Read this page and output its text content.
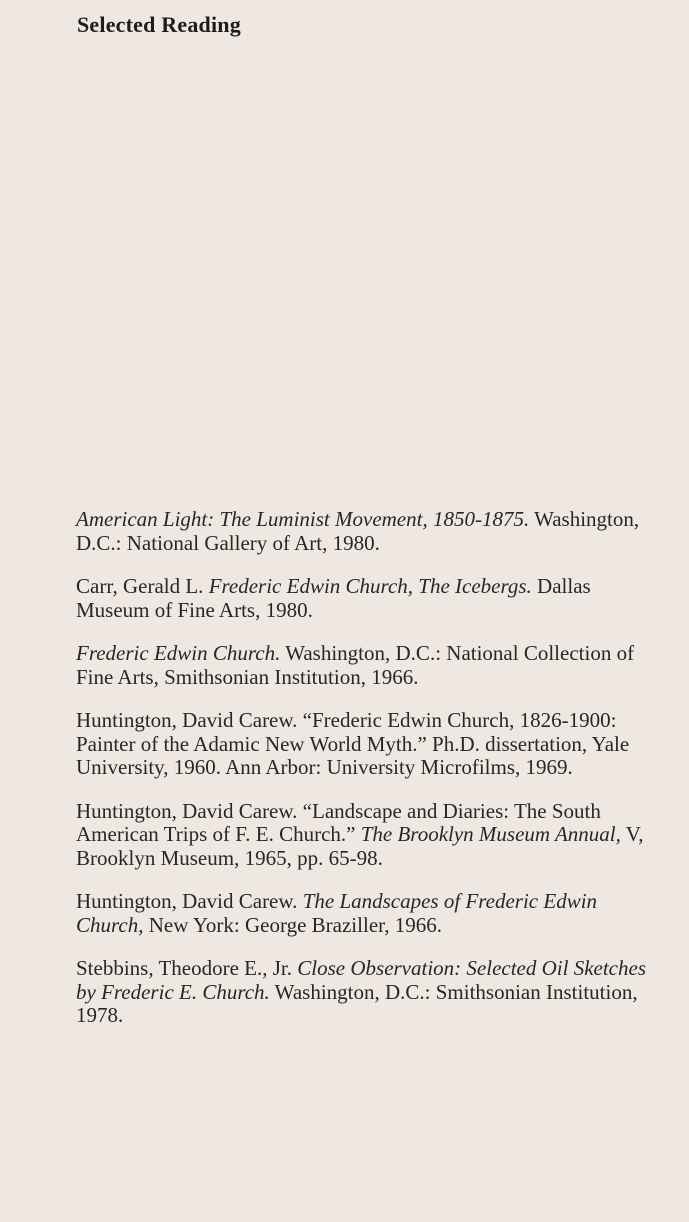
Selected Reading
American Light: The Luminist Movement, 1850-1875. Washington, D.C.: National Gallery of Art, 1980.
Carr, Gerald L. Frederic Edwin Church, The Icebergs. Dallas Museum of Fine Arts, 1980.
Frederic Edwin Church. Washington, D.C.: National Collection of Fine Arts, Smithsonian Institution, 1966.
Huntington, David Carew. “Frederic Edwin Church, 1826-1900: Painter of the Adamic New World Myth.” Ph.D. dissertation, Yale University, 1960. Ann Arbor: University Microfilms, 1969.
Huntington, David Carew. “Landscape and Diaries: The South American Trips of F. E. Church.” The Brooklyn Museum Annual, V, Brooklyn Museum, 1965, pp. 65-98.
Huntington, David Carew. The Landscapes of Frederic Edwin Church, New York: George Braziller, 1966.
Stebbins, Theodore E., Jr. Close Observation: Selected Oil Sketches by Frederic E. Church. Washington, D.C.: Smithsonian Institution, 1978.
